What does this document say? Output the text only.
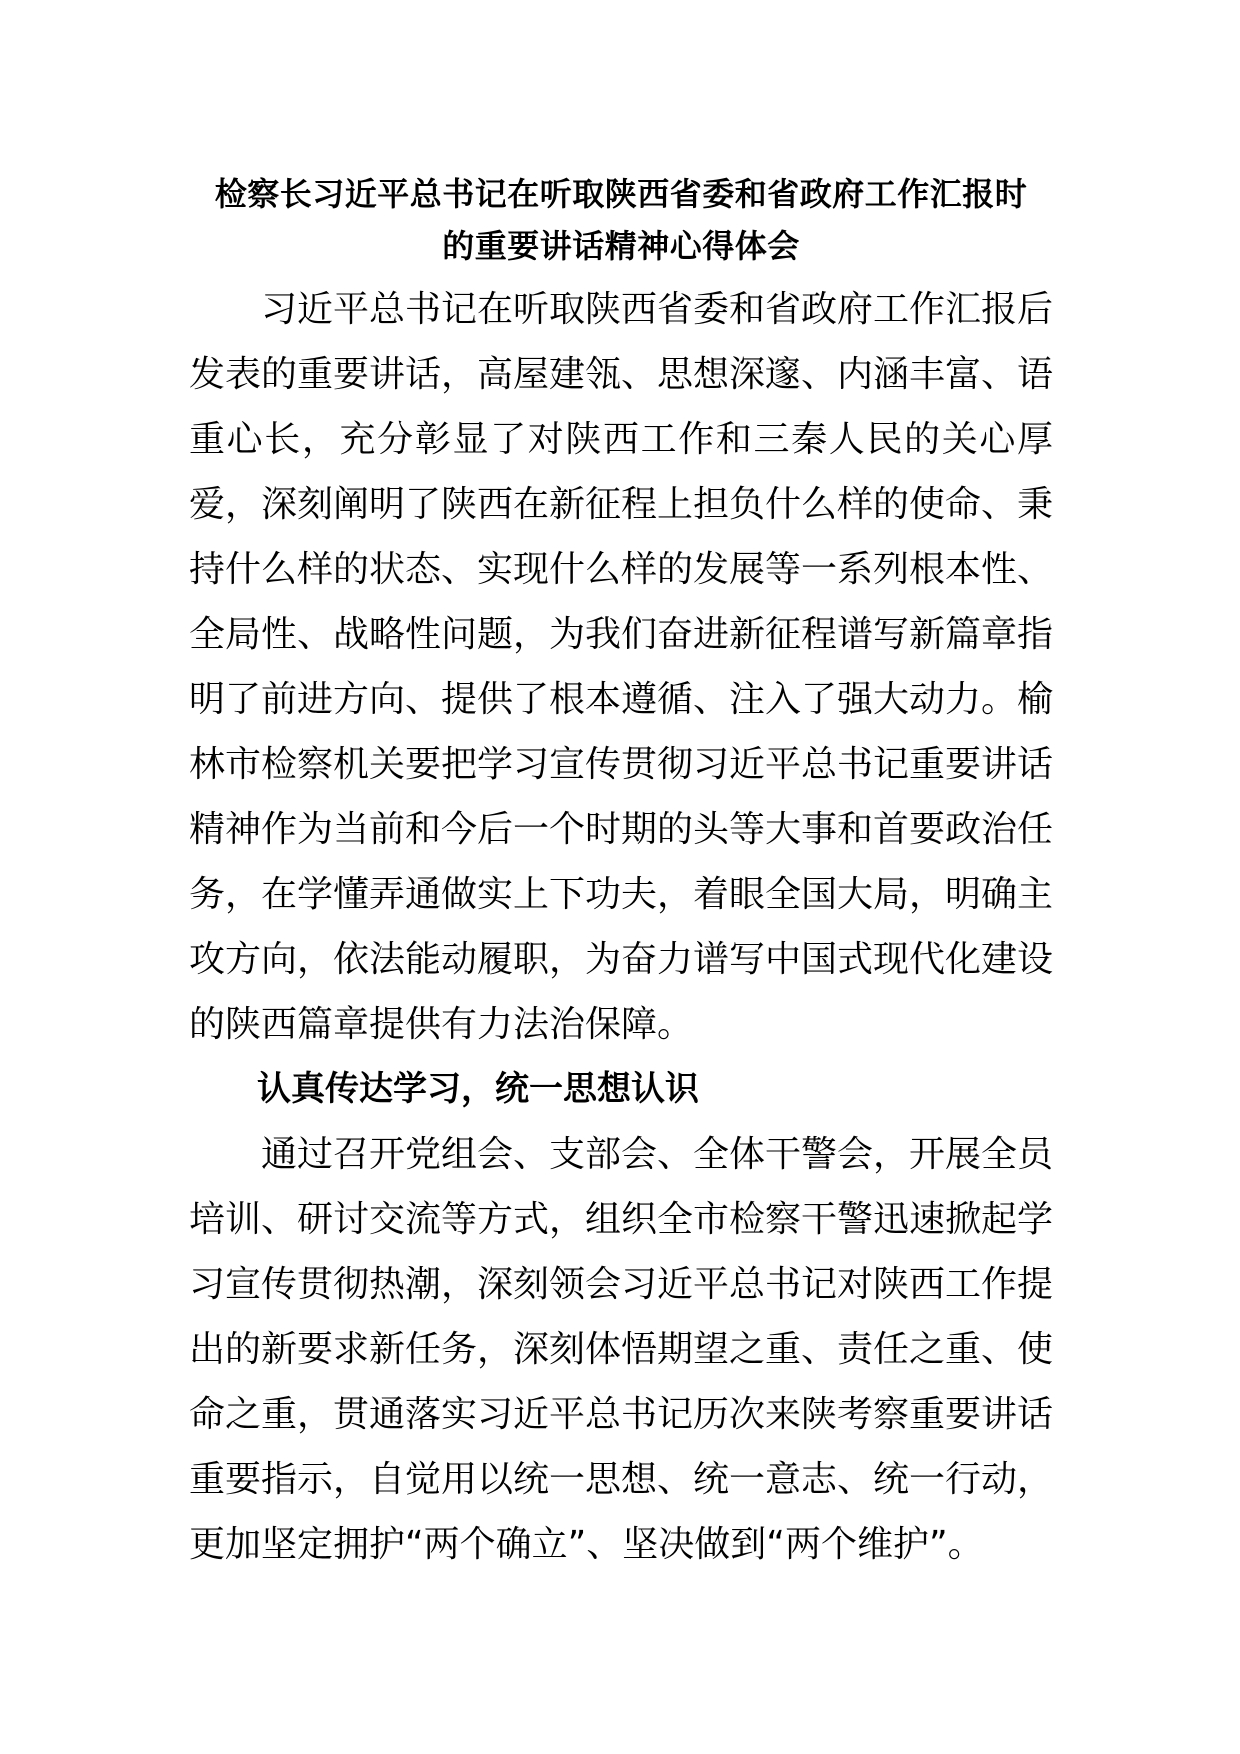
检察长习近平总书记在听取陕西省委和省政府工作汇报时
的重要讲话精神心得体会

习近平总书记在听取陕西省委和省政府工作汇报后发表的重要讲话，高屋建瓴、思想深邃、内涵丰富、语重心长，充分彰显了对陕西工作和三秦人民的关心厚爱，深刻阐明了陕西在新征程上担负什么样的使命、秉持什么样的状态、实现什么样的发展等一系列根本性、全局性、战略性问题，为我们奋进新征程谱写新篇章指明了前进方向、提供了根本遵循、注入了强大动力。榆林市检察机关要把学习宣传贯彻习近平总书记重要讲话精神作为当前和今后一个时期的头等大事和首要政治任务，在学懂弄通做实上下功夫，着眼全国大局，明确主攻方向，依法能动履职，为奋力谱写中国式现代化建设的陕西篇章提供有力法治保障。

认真传达学习，统一思想认识

通过召开党组会、支部会、全体干警会，开展全员培训、研讨交流等方式，组织全市检察干警迅速掀起学习宣传贯彻热潮，深刻领会习近平总书记对陕西工作提出的新要求新任务，深刻体悟期望之重、责任之重、使命之重，贯通落实习近平总书记历次来陕考察重要讲话重要指示，自觉用以统一思想、统一意志、统一行动，更加坚定拥护“两个确立”、坚决做到“两个维护”。
